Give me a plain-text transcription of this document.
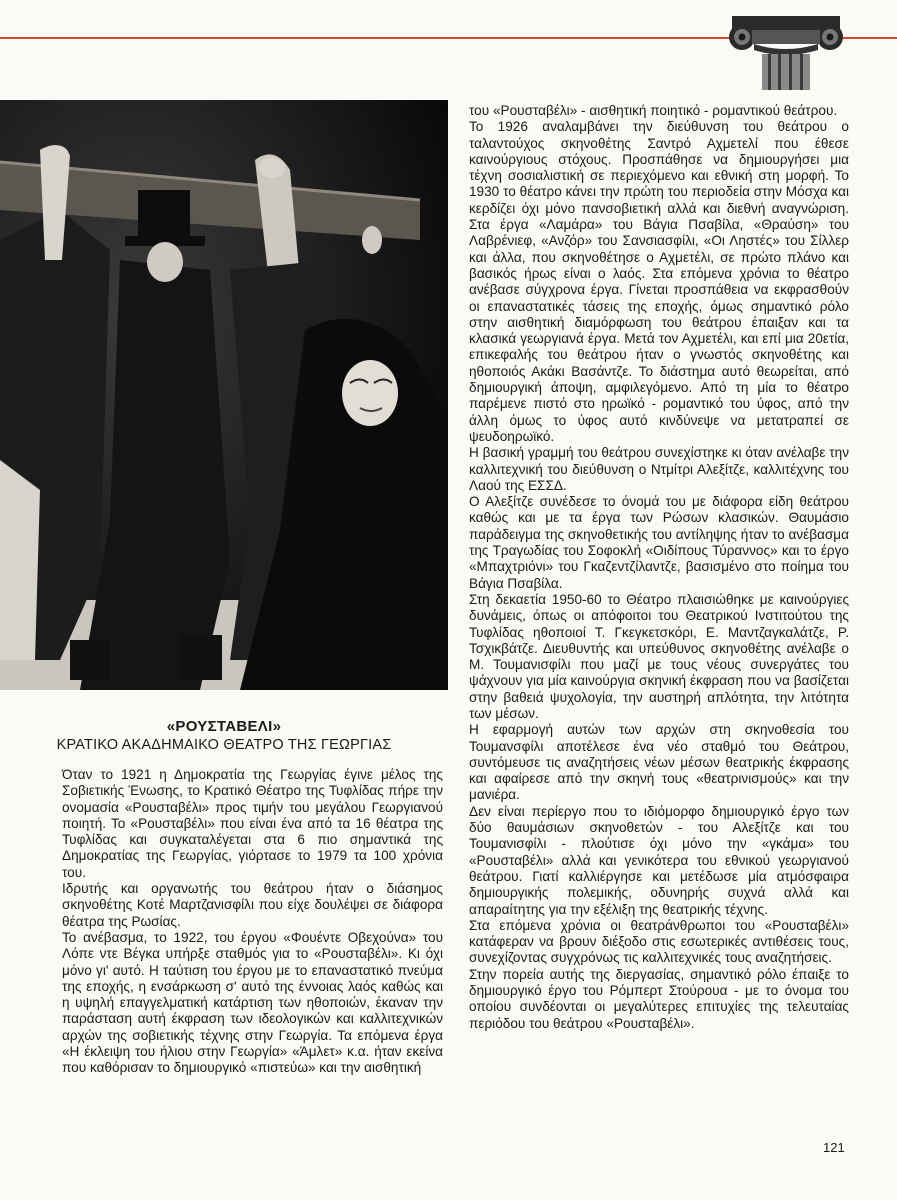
«ΡΟΥΣΤΑΒΕΛΙ»
ΚΡΑΤΙΚΟ ΑΚΑΔΗΜΑΙΚΟ ΘΕΑΤΡΟ ΤΗΣ ΓΕΩΡΓΙΑΣ

Όταν το 1921 η Δημοκρατία της Γεωργίας έγινε μέλος της Σοβιετικής Ένωσης, το Κρατικό Θέατρο της Τυφλίδας πήρε την ονομασία «Ρουσταβέλι» προς τιμήν του μεγάλου Γεωργιανού ποιητή. Το «Ρουσταβέλι» που είναι ένα από τα 16 θέατρα της Τυφλίδας και συγκαταλέγεται στα 6 πιο σημαντικά της Δημοκρατίας της Γεωργίας, γιόρτασε το 1979 τα 100 χρόνια του.

Ιδρυτής και οργανωτής του θεάτρου ήταν ο διάσημος σκηνοθέτης Κοτέ Μαρτζανισφίλι που είχε δουλέψει σε διάφορα θέατρα της Ρωσίας.

Το ανέβασμα, το 1922, του έργου «Φουέντε Οβεχούνα» του Λόπε ντε Βέγκα υπήρξε σταθμός για το «Ρουσταβέλι». Κι όχι μόνο γι' αυτό. Η ταύτιση του έργου με το επαναστατικό πνεύμα της εποχής, η ενσάρκωση σ' αυτό της έννοιας λαός καθώς και η υψηλή επαγγελματική κατάρτιση των ηθοποιών, έκαναν την παράσταση αυτή έκφραση των ιδεολογικών και καλλιτεχνικών αρχών της σοβιετικής τέχνης στην Γεωργία. Τα επόμενα έργα «Η έκλειψη του ήλιου στην Γεωργία» «Άμλετ» κ.α. ήταν εκείνα που καθόρισαν το δημιουργικό «πιστεύω» και την αισθητική

του «Ρουσταβέλι» - αισθητική ποιητικό - ρομαντικού θεάτρου.

Το 1926 αναλαμβάνει την διεύθυνση του θεάτρου ο ταλαντούχος σκηνοθέτης Σαντρό Αχμετελί που έθεσε καινούργιους στόχους. Προσπάθησε να δημιουργήσει μια τέχνη σοσιαλιστική σε περιεχόμενο και εθνική στη μορφή. Το 1930 το θέατρο κάνει την πρώτη του περιοδεία στην Μόσχα και κερδίζει όχι μόνο πανσοβιετική αλλά και διεθνή αναγνώριση. Στα έργα «Λαμάρα» του Βάγια Πσαβίλα, «Θραύση» του Λαβρένιεφ, «Ανζόρ» του Σανσιασφίλι, «Οι Ληστές» του Σίλλερ και άλλα, που σκηνοθέτησε ο Αχμετέλι, σε πρώτο πλάνο και βασικός ήρως είναι ο λαός. Στα επόμενα χρόνια το θέατρο ανέβασε σύγχρονα έργα. Γίνεται προσπάθεια να εκφρασθούν οι επαναστατικές τάσεις της εποχής, όμως σημαντικό ρόλο στην αισθητική διαμόρφωση του θεάτρου έπαιξαν και τα κλασικά γεωργιανά έργα. Μετά τον Αχμετέλι, και επί μια 20ετία, επικεφαλής του θεάτρου ήταν ο γνωστός σκηνοθέτης και ηθοποιός Ακάκι Βασάντζε. Το διάστημα αυτό θεωρείται, από δημιουργική άποψη, αμφιλεγόμενο. Από τη μία το θέατρο παρέμενε πιστό στο ηρωϊκό - ρομαντικό του ύφος, από την άλλη όμως το ύφος αυτό κινδύνεψε να μετατραπεί σε ψευδοηρωϊκό.

Η βασική γραμμή του θεάτρου συνεχίστηκε κι όταν ανέλαβε την καλλιτεχνική του διεύθυνση ο Ντμίτρι Αλεξίτζε, καλλιτέχνης του Λαού της ΕΣΣΔ.

Ο Αλεξίτζε συνέδεσε το όνομά του με διάφορα είδη θεάτρου καθώς και με τα έργα των Ρώσων κλασικών. Θαυμάσιο παράδειγμα της σκηνοθετικής του αντίληψης ήταν το ανέβασμα της Τραγωδίας του Σοφοκλή «Οιδίπους Τύραννος» και το έργο «Μπαχτριόνι» του Γκαζεντζίλαντζε, βασισμένο στο ποίημα του Βάγια Πσαβίλα.

Στη δεκαετία 1950-60 το Θέατρο πλαισιώθηκε με καινούργιες δυνάμεις, όπως οι απόφοιτοι του Θεατρικού Ινστιτούτου της Τυφλίδας ηθοποιοί Τ. Γκεγκετσκόρι, Ε. Μαντζαγκαλάτζε, Ρ. Τσχικβάτζε. Διευθυντής και υπεύθυνος σκηνοθέτης ανέλαβε ο Μ. Τουμανισφίλι που μαζί με τους νέους συνεργάτες του ψάχνουν για μία καινούργια σκηνική έκφραση που να βασίζεται στην βαθειά ψυχολογία, την αυστηρή απλότητα, την λιτότητα των μέσων.

Η εφαρμογή αυτών των αρχών στη σκηνοθεσία του Τουμανσφίλι αποτέλεσε ένα νέο σταθμό του Θεάτρου, συντόμευσε τις αναζητήσεις νέων μέσων θεατρικής έκφρασης και αφαίρεσε από την σκηνή τους «θεατρινισμούς» και την μανιέρα.

Δεν είναι περίεργο που το ιδιόμορφο δημιουργικό έργο των δύο θαυμάσιων σκηνοθετών - του Αλεξίτζε και του Τουμανισφίλι - πλούτισε όχι μόνο την «γκάμα» του «Ρουσταβέλι» αλλά και γενικότερα του εθνικού γεωργιανού θεάτρου. Γιατί καλλιέργησε και μετέδωσε μία ατμόσφαιρα δημιουργικής πολεμικής, οδυνηρής συχνά αλλά και απαραίτητης για την εξέλιξη της θεατρικής τέχνης.

Στα επόμενα χρόνια οι θεατράνθρωποι του «Ρουσταβέλι» κατάφεραν να βρουν διέξοδο στις εσωτερικές αντιθέσεις τους, συνεχίζοντας συγχρόνως τις καλλιτεχνικές τους αναζητήσεις.

Στην πορεία αυτής της διεργασίας, σημαντικό ρόλο έπαιξε το δημιουργικό έργο του Ρόμπερτ Στούρουα - με το όνομα του οποίου συνδέονται οι μεγαλύτερες επιτυχίες της τελευταίας περιόδου του θεάτρου «Ρουσταβέλι».

121
